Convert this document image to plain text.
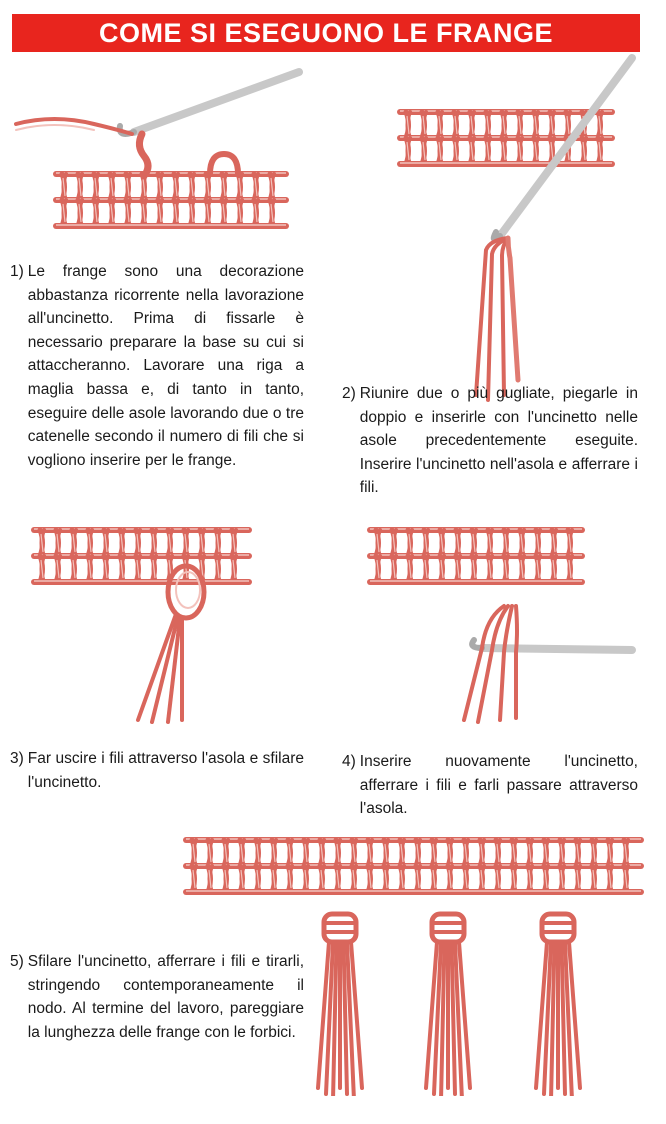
COME SI ESEGUONO LE FRANGE
1) Le frange sono una decorazione abbastanza ricorrente nella lavorazione all'uncinetto. Prima di fissarle è necessario preparare la base su cui si attaccheranno. Lavorare una riga a maglia bassa e, di tanto in tanto, eseguire delle asole lavorando due o tre catenelle secondo il numero di fili che si vogliono inserire per le frange.
2) Riunire due o più gugliate, piegarle in doppio e inserirle con l'uncinetto nelle asole precedentemente eseguite. Inserire l'uncinetto nell'asola e afferrare i fili.
3) Far uscire i fili attraverso l'asola e sfilare l'uncinetto.
4) Inserire nuovamente l'uncinetto, afferrare i fili e farli passare attraverso l'asola.
5) Sfilare l'uncinetto, afferrare i fili e tirarli, stringendo contemporaneamente il nodo. Al termine del lavoro, pareggiare la lunghezza delle frange con le forbici.
